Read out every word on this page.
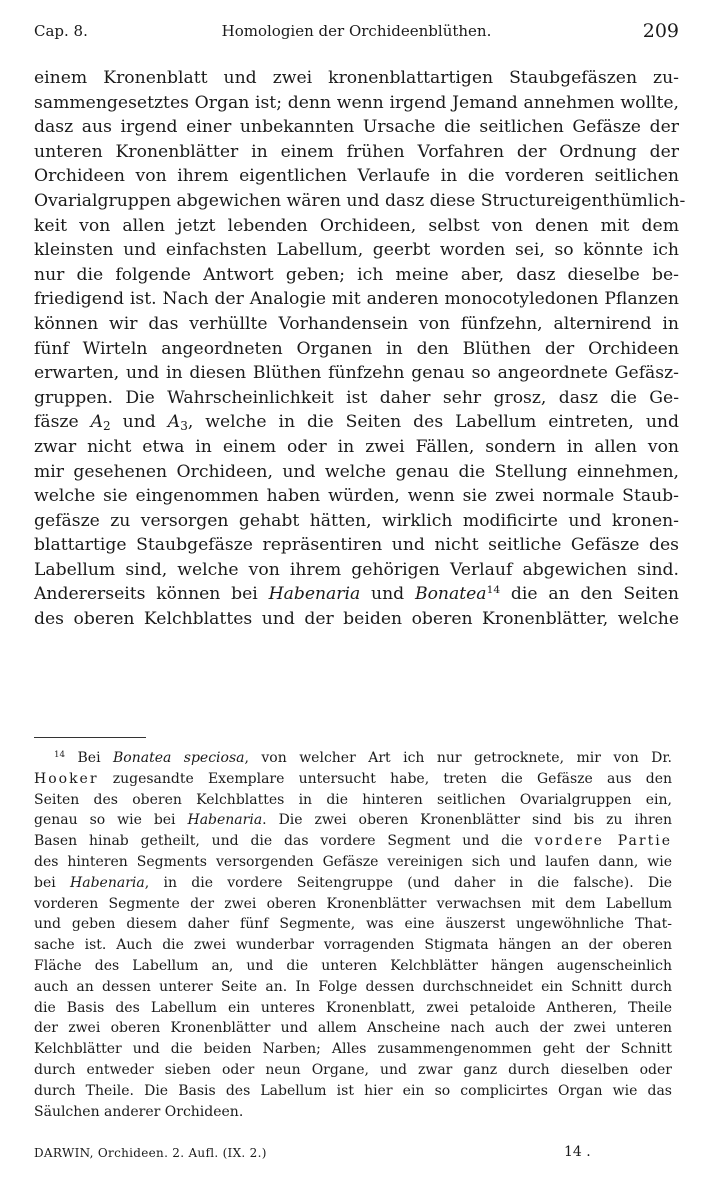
Cap. 8.	Homologien der Orchideenblüthen.	209
einem Kronenblatt und zwei kronenblattartigen Staubgefäszen zu-
sammengesetztes Organ ist; denn wenn irgend Jemand annehmen wollte,
dasz aus irgend einer unbekannten Ursache die seitlichen Gefäsze der
unteren Kronenblätter in einem frühen Vorfahren der Ordnung der
Orchideen von ihrem eigentlichen Verlaufe in die vorderen seitlichen
Ovarialgruppen abgewichen wären und dasz diese Structureigenthümlich-
keit von allen jetzt lebenden Orchideen, selbst von denen mit dem
kleinsten und einfachsten Labellum, geerbt worden sei, so könnte ich
nur die folgende Antwort geben; ich meine aber, dasz dieselbe be-
friedigend ist. Nach der Analogie mit anderen monocotyledonen Pflanzen
können wir das verhüllte Vorhandensein von fünfzehn, alternirend in
fünf Wirteln angeordneten Organen in den Blüthen der Orchideen
erwarten, und in diesen Blüthen fünfzehn genau so angeordnete Gefäsz-
gruppen. Die Wahrscheinlichkeit ist daher sehr grosz, dasz die Ge-
fäsze $A_2$ und $A_3$, welche in die Seiten des Labellum eintreten, und
zwar nicht etwa in einem oder in zwei Fällen, sondern in allen von
mir gesehenen Orchideen, und welche genau die Stellung einnehmen,
welche sie eingenommen haben würden, wenn sie zwei normale Staub-
gefäsze zu versorgen gehabt hätten, wirklich modificirte und kronen-
blattartige Staubgefäsze repräsentiren und nicht seitliche Gefäsze des
Labellum sind, welche von ihrem gehörigen Verlauf abgewichen sind.
Andererseits können bei Habenaria und Bonatea$^{14}$ die an den Seiten
des oberen Kelchblattes und der beiden oberen Kronenblätter, welche
$^{14}$ Bei Bonatea speciosa, von welcher Art ich nur getrocknete, mir von Dr.
Hooker zugesandte Exemplare untersucht habe, treten die Gefäsze aus den
Seiten des oberen Kelchblattes in die hinteren seitlichen Ovarialgruppen ein,
genau so wie bei Habenaria. Die zwei oberen Kronenblätter sind bis zu ihren
Basen hinab getheilt, und die das vordere Segment und die vordere Partie
des hinteren Segments versorgenden Gefäsze vereinigen sich und laufen dann, wie
bei Habenaria, in die vordere Seitengruppe (und daher in die falsche). Die
vorderen Segmente der zwei oberen Kronenblätter verwachsen mit dem Labellum
und geben diesem daher fünf Segmente, was eine äuszerst ungewöhnliche That-
sache ist. Auch die zwei wunderbar vorragenden Stigmata hängen an der oberen
Fläche des Labellum an, und die unteren Kelchblätter hängen augenscheinlich
auch an dessen unterer Seite an. In Folge dessen durchschneidet ein Schnitt durch
die Basis des Labellum ein unteres Kronenblatt, zwei petaloide Antheren, Theile
der zwei oberen Kronenblätter und allem Anscheine nach auch der zwei unteren
Kelchblätter und die beiden Narben; Alles zusammengenommen geht der Schnitt
durch entweder sieben oder neun Organe, und zwar ganz durch dieselben oder
durch Theile. Die Basis des Labellum ist hier ein so complicirtes Organ wie das
Säulchen anderer Orchideen.
DARWIN, Orchideen. 2. Aufl. (IX. 2.)	14 .
